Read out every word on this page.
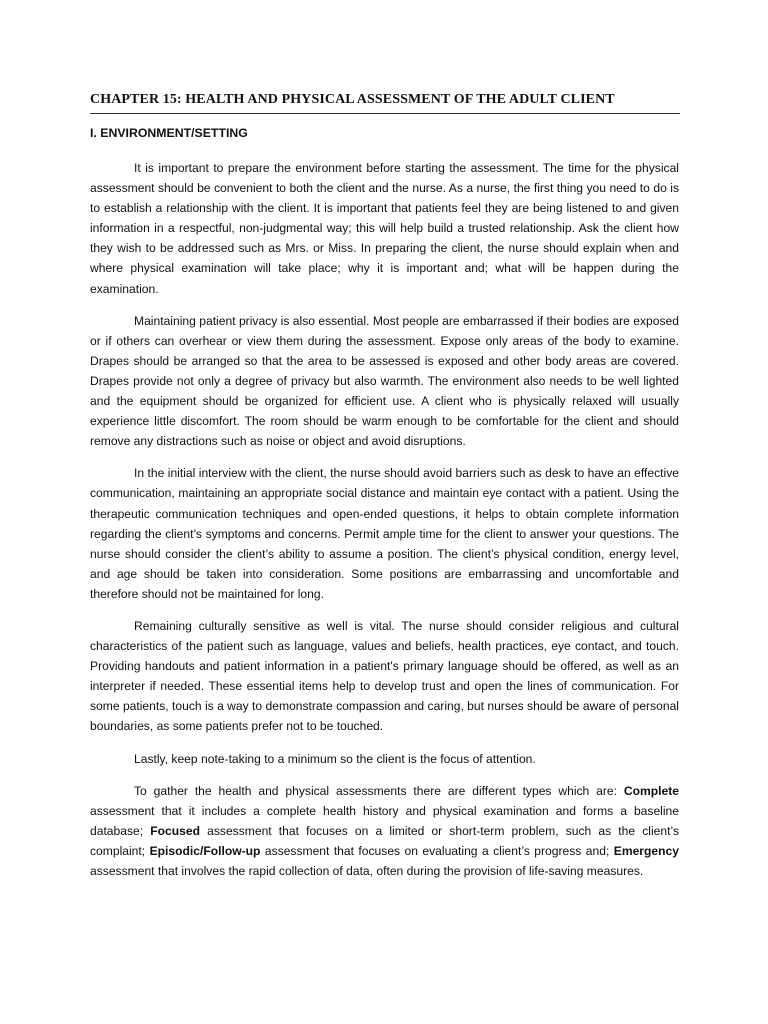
CHAPTER 15: HEALTH AND PHYSICAL ASSESSMENT OF THE ADULT CLIENT
I. ENVIRONMENT/SETTING

It is important to prepare the environment before starting the assessment. The time for the physical assessment should be convenient to both the client and the nurse. As a nurse, the first thing you need to do is to establish a relationship with the client. It is important that patients feel they are being listened to and given information in a respectful, non-judgmental way; this will help build a trusted relationship. Ask the client how they wish to be addressed such as Mrs. or Miss. In preparing the client, the nurse should explain when and where physical examination will take place; why it is important and; what will be happen during the examination.

Maintaining patient privacy is also essential. Most people are embarrassed if their bodies are exposed or if others can overhear or view them during the assessment. Expose only areas of the body to examine. Drapes should be arranged so that the area to be assessed is exposed and other body areas are covered. Drapes provide not only a degree of privacy but also warmth. The environment also needs to be well lighted and the equipment should be organized for efficient use. A client who is physically relaxed will usually experience little discomfort. The room should be warm enough to be comfortable for the client and should remove any distractions such as noise or object and avoid disruptions.

In the initial interview with the client, the nurse should avoid barriers such as desk to have an effective communication, maintaining an appropriate social distance and maintain eye contact with a patient. Using the therapeutic communication techniques and open-ended questions, it helps to obtain complete information regarding the client’s symptoms and concerns. Permit ample time for the client to answer your questions. The nurse should consider the client’s ability to assume a position. The client’s physical condition, energy level, and age should be taken into consideration. Some positions are embarrassing and uncomfortable and therefore should not be maintained for long.

Remaining culturally sensitive as well is vital. The nurse should consider religious and cultural characteristics of the patient such as language, values and beliefs, health practices, eye contact, and touch. Providing handouts and patient information in a patient's primary language should be offered, as well as an interpreter if needed. These essential items help to develop trust and open the lines of communication. For some patients, touch is a way to demonstrate compassion and caring, but nurses should be aware of personal boundaries, as some patients prefer not to be touched.

Lastly, keep note-taking to a minimum so the client is the focus of attention.

To gather the health and physical assessments there are different types which are: Complete assessment that it includes a complete health history and physical examination and forms a baseline database; Focused assessment that focuses on a limited or short-term problem, such as the client’s complaint; Episodic/Follow-up assessment that focuses on evaluating a client’s progress and; Emergency assessment that involves the rapid collection of data, often during the provision of life-saving measures.
